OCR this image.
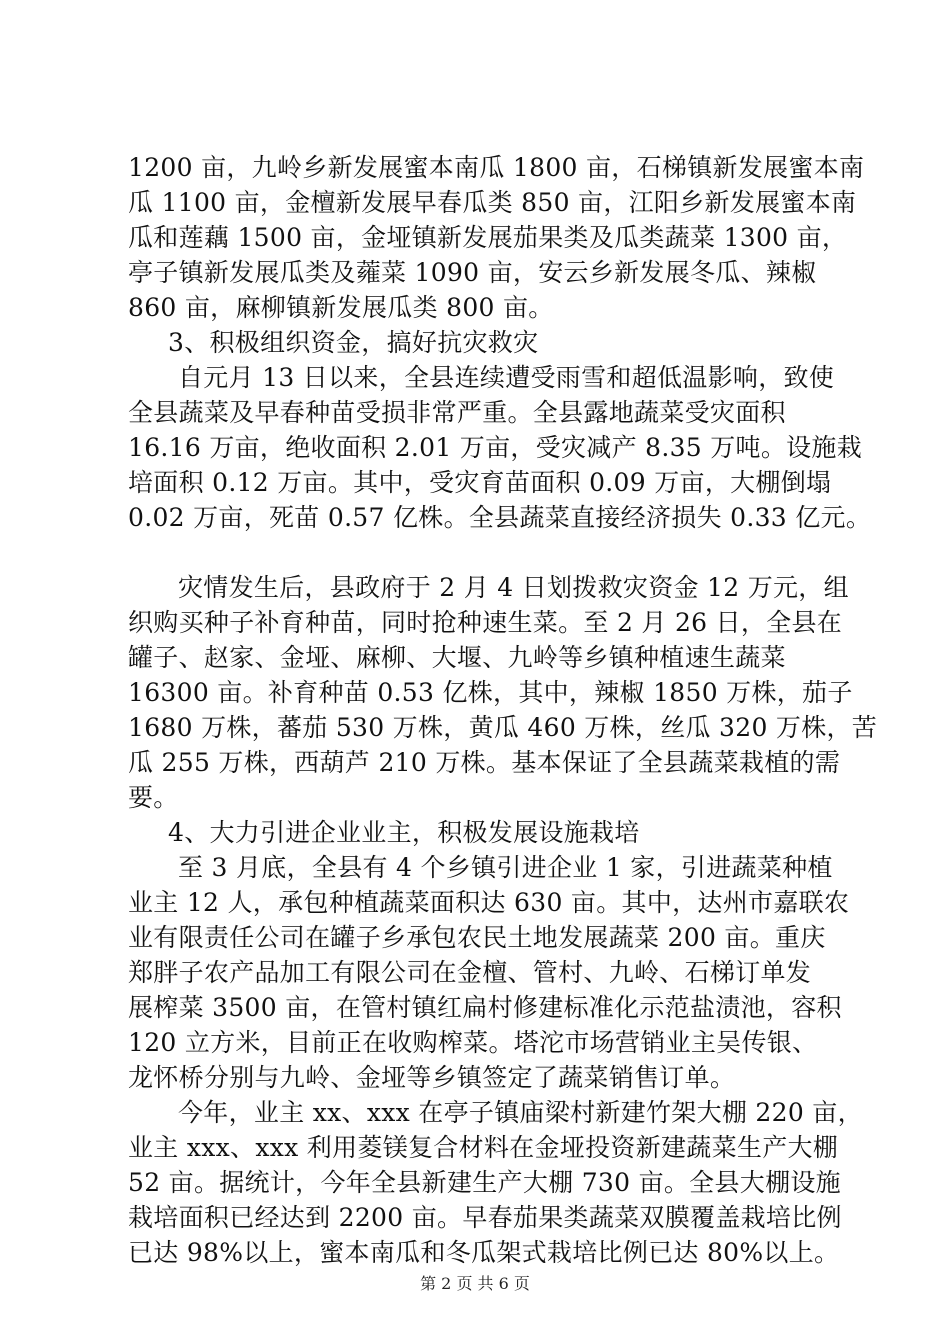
1200 亩，九岭乡新发展蜜本南瓜 1800 亩，石梯镇新发展蜜本南
瓜 1100 亩，金檀新发展早春瓜类 850 亩，江阳乡新发展蜜本南
瓜和莲藕 1500 亩，金垭镇新发展茄果类及瓜类蔬菜 1300 亩，
亭子镇新发展瓜类及蕹菜 1090 亩，安云乡新发展冬瓜、辣椒
860 亩，麻柳镇新发展瓜类 800 亩。
3、积极组织资金，搞好抗灾救灾
自元月 13 日以来，全县连续遭受雨雪和超低温影响，致使
全县蔬菜及早春种苗受损非常严重。全县露地蔬菜受灾面积
16.16 万亩，绝收面积 2.01 万亩，受灾减产 8.35 万吨。设施栽
培面积 0.12 万亩。其中，受灾育苗面积 0.09 万亩，大棚倒塌
0.02 万亩，死苗 0.57 亿株。全县蔬菜直接经济损失 0.33 亿元。
灾情发生后，县政府于 2 月 4 日划拨救灾资金 12 万元，组
织购买种子补育种苗，同时抢种速生菜。至 2 月 26 日，全县在
罐子、赵家、金垭、麻柳、大堰、九岭等乡镇种植速生蔬菜
16300 亩。补育种苗 0.53 亿株，其中，辣椒 1850 万株，茄子
1680 万株，蕃茄 530 万株，黄瓜 460 万株，丝瓜 320 万株，苦
瓜 255 万株，西葫芦 210 万株。基本保证了全县蔬菜栽植的需
要。
4、大力引进企业业主，积极发展设施栽培
至 3 月底，全县有 4 个乡镇引进企业 1 家，引进蔬菜种植
业主 12 人，承包种植蔬菜面积达 630 亩。其中，达州市嘉联农
业有限责任公司在罐子乡承包农民土地发展蔬菜 200 亩。重庆
郑胖子农产品加工有限公司在金檀、管村、九岭、石梯订单发
展榨菜 3500 亩，在管村镇红扁村修建标准化示范盐渍池，容积
120 立方米，目前正在收购榨菜。塔沱市场营销业主吴传银、
龙怀桥分别与九岭、金垭等乡镇签定了蔬菜销售订单。
今年，业主 xx、xxx 在亭子镇庙梁村新建竹架大棚 220 亩，
业主 xxx、xxx 利用菱镁复合材料在金垭投资新建蔬菜生产大棚
52 亩。据统计，今年全县新建生产大棚 730 亩。全县大棚设施
栽培面积已经达到 2200 亩。早春茄果类蔬菜双膜覆盖栽培比例
已达 98%以上，蜜本南瓜和冬瓜架式栽培比例已达 80%以上。
第 2 页 共 6 页
